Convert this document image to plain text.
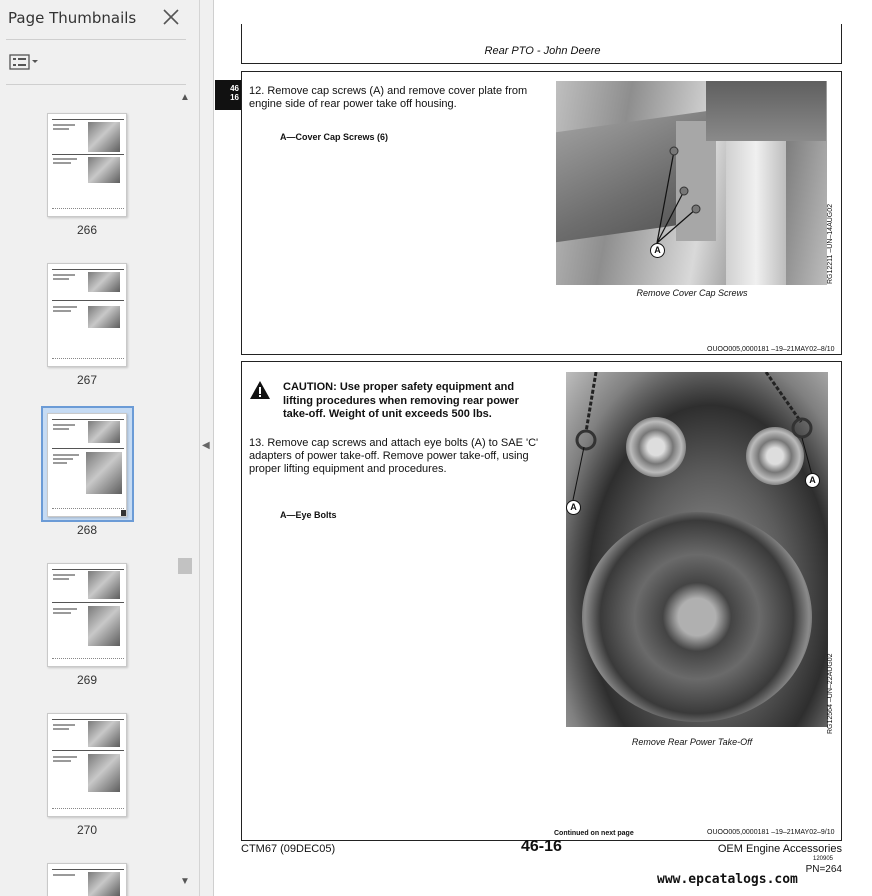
Page Thumbnails
266
267
268
269
270
▲
▼
◀
Rear PTO - John Deere
46
16
12. Remove cap screws (A) and remove cover plate from engine side of rear power take off housing.
A—Cover Cap Screws (6)
A	RG12211 –UN–14AUG02
Remove Cover Cap Screws
OUOO005,0000181 –19–21MAY02–8/10
CAUTION: Use proper safety equipment and lifting procedures when removing rear power take-off. Weight of unit exceeds 500 lbs.
13. Remove cap screws and attach eye bolts (A) to SAE 'C' adapters of power take-off. Remove power take-off, using proper lifting equipment and procedures.
A—Eye Bolts
A
A
RG12564 –UN–22AUG02
Remove Rear Power Take-Off
OUOO005,0000181 –19–21MAY02–9/10
Continued on next page
CTM67 (09DEC05)	46-16	OEM Engine Accessories
120905
PN=264
www.epcatalogs.com
